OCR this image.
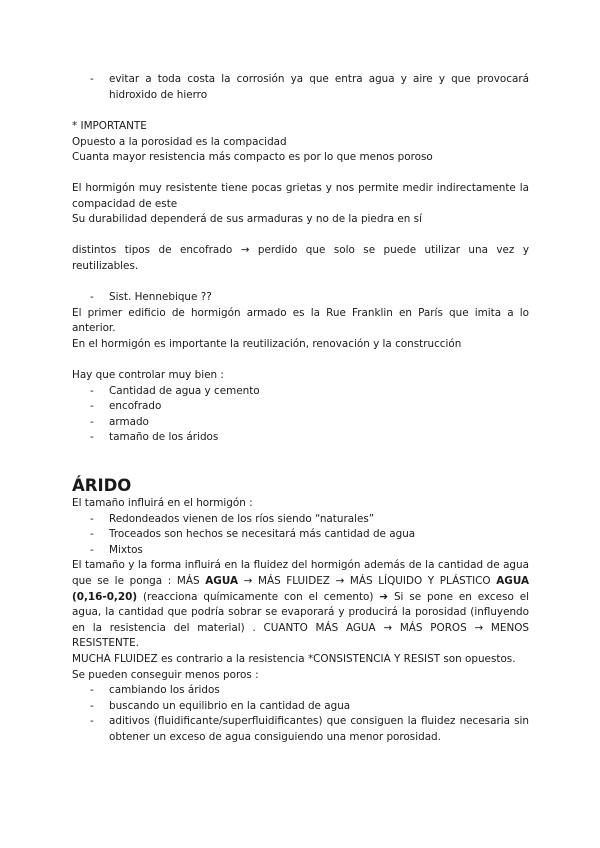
- evitar a toda costa la corrosión ya que entra agua y aire y que provocará hidroxido de hierro

* IMPORTANTE

Opuesto a la porosidad es la compacidad

Cuanta mayor resistencia más compacto es por lo que menos poroso

El hormigón muy resistente tiene pocas grietas y nos permite medir indirectamente la compacidad de este

Su durabilidad dependerá de sus armaduras y no de la piedra en sí

distintos tipos de encofrado → perdido que solo se puede utilizar una vez y reutilizables.

- Sist. Hennebique ??

El primer edificio de hormigón armado es la Rue Franklin en París que imita a lo anterior.

En el hormigón es importante la reutilización, renovación y la construcción

Hay que controlar muy bien :

- Cantidad de agua y cemento

- encofrado

- armado

- tamaño de los áridos

ÁRIDO

El tamaño influirá en el hormigón :

- Redondeados vienen de los ríos siendo “naturales”

- Troceados son hechos se necesitará más cantidad de agua

- Mixtos

El tamaño y la forma influirá en la fluidez del hormigón además de la cantidad de agua que se le ponga : MÁS AGUA → MÁS FLUIDEZ → MÁS LÍQUIDO Y PLÁSTICO AGUA (0,16-0,20) (reacciona químicamente con el cemento) ➔ Si se pone en exceso el agua, la cantidad que podría sobrar se evaporará y producirá la porosidad (influyendo en la resistencia del material) . CUANTO MÁS AGUA → MÁS POROS → MENOS RESISTENTE.

MUCHA FLUIDEZ es contrario a la resistencia *CONSISTENCIA Y RESIST son opuestos.

Se pueden conseguir menos poros :

- cambiando los áridos

- buscando un equilibrio en la cantidad de agua

- aditivos (fluidificante/superfluidificantes) que consiguen la fluidez necesaria sin obtener un exceso de agua consiguiendo una menor porosidad.
